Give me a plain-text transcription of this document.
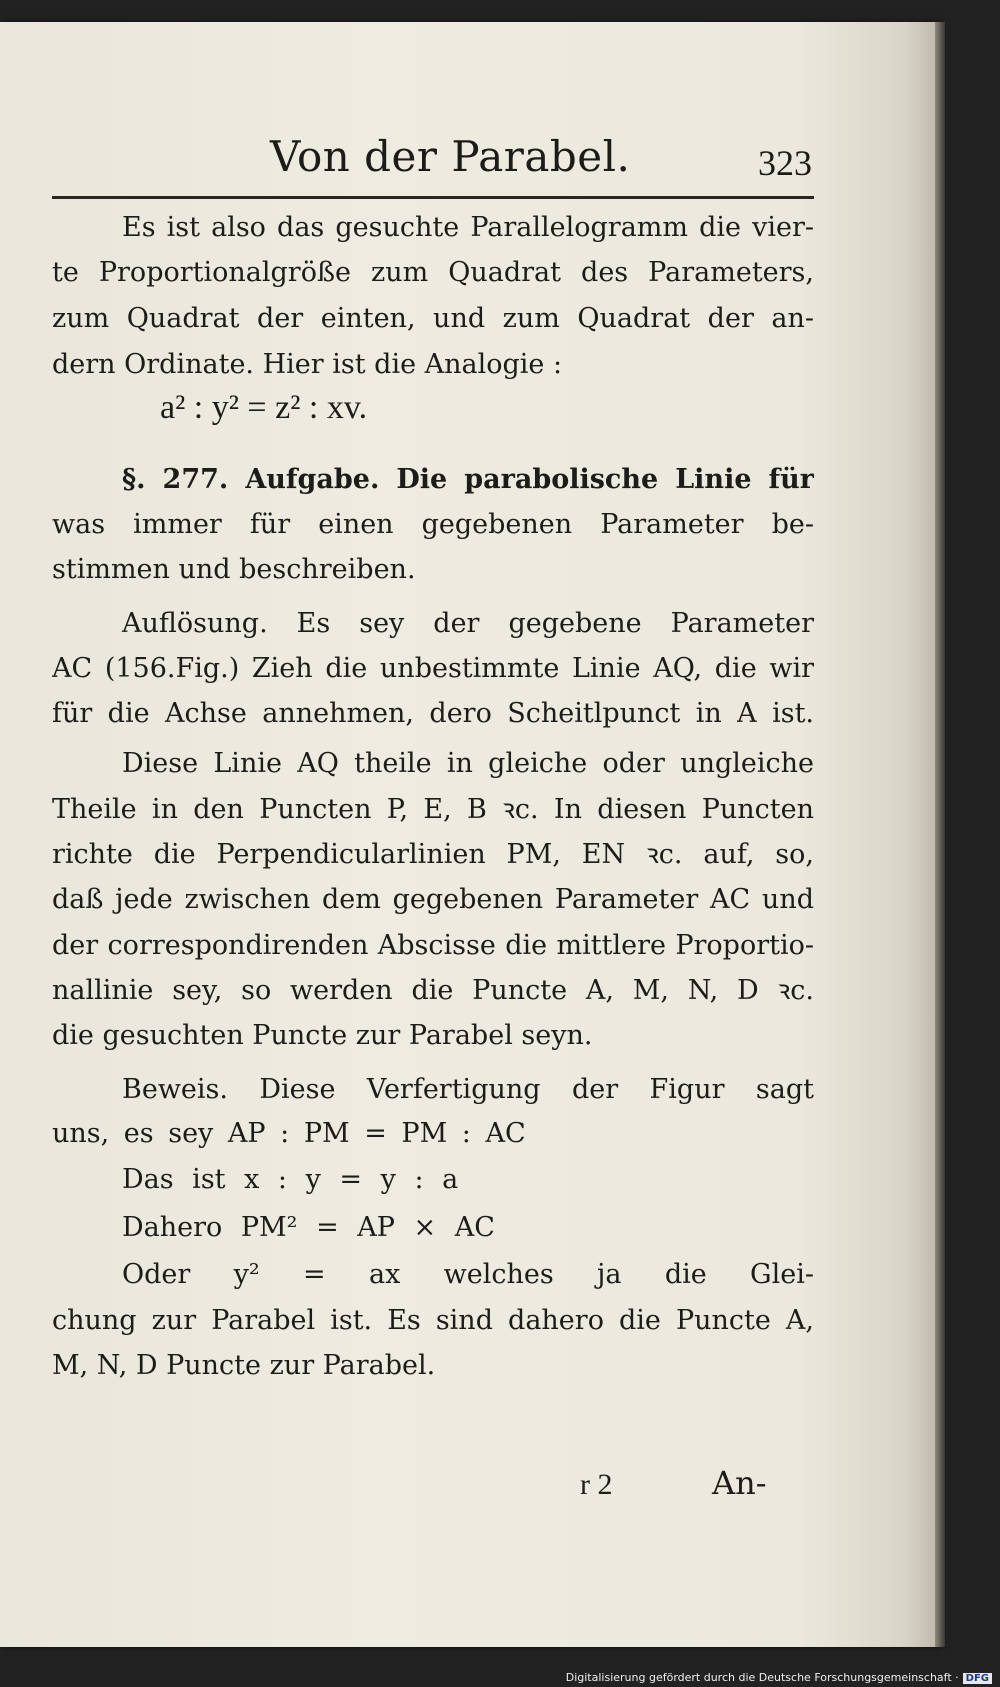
Von der Parabel.	323
Es ist also das gesuchte Parallelogramm die vier-
te Proportionalgröße zum Quadrat des Parameters,
zum Quadrat der einten, und zum Quadrat der an-
dern Ordinate. Hier ist die Analogie :
a² : y² = z² : xv.
§. 277. Aufgabe. Die parabolische Linie für
was immer für einen gegebenen Parameter be-
stimmen und beschreiben.
Auflösung. Es sey der gegebene Parameter
AC (156.Fig.) Zieh die unbestimmte Linie AQ, die wir
für die Achse annehmen, dero Scheitlpunct in A ist.
Diese Linie AQ theile in gleiche oder ungleiche
Theile in den Puncten P, E, B ꝛc. In diesen Puncten
richte die Perpendicularlinien PM, EN ꝛc. auf, so,
daß jede zwischen dem gegebenen Parameter AC und
der correspondirenden Abscisse die mittlere Proportio-
nallinie sey, so werden die Puncte A, M, N, D ꝛc.
die gesuchten Puncte zur Parabel seyn.
Beweis. Diese Verfertigung der Figur sagt
uns, es sey AP : PM = PM : AC
Das ist x : y = y : a
Dahero PM² = AP × AC
Oder y² = ax welches ja die Glei-
chung zur Parabel ist. Es sind dahero die Puncte A,
M, N, D Puncte zur Parabel.
r 2	An-
Digitalisierung gefördert durch die Deutsche Forschungsgemeinschaft · DFG
